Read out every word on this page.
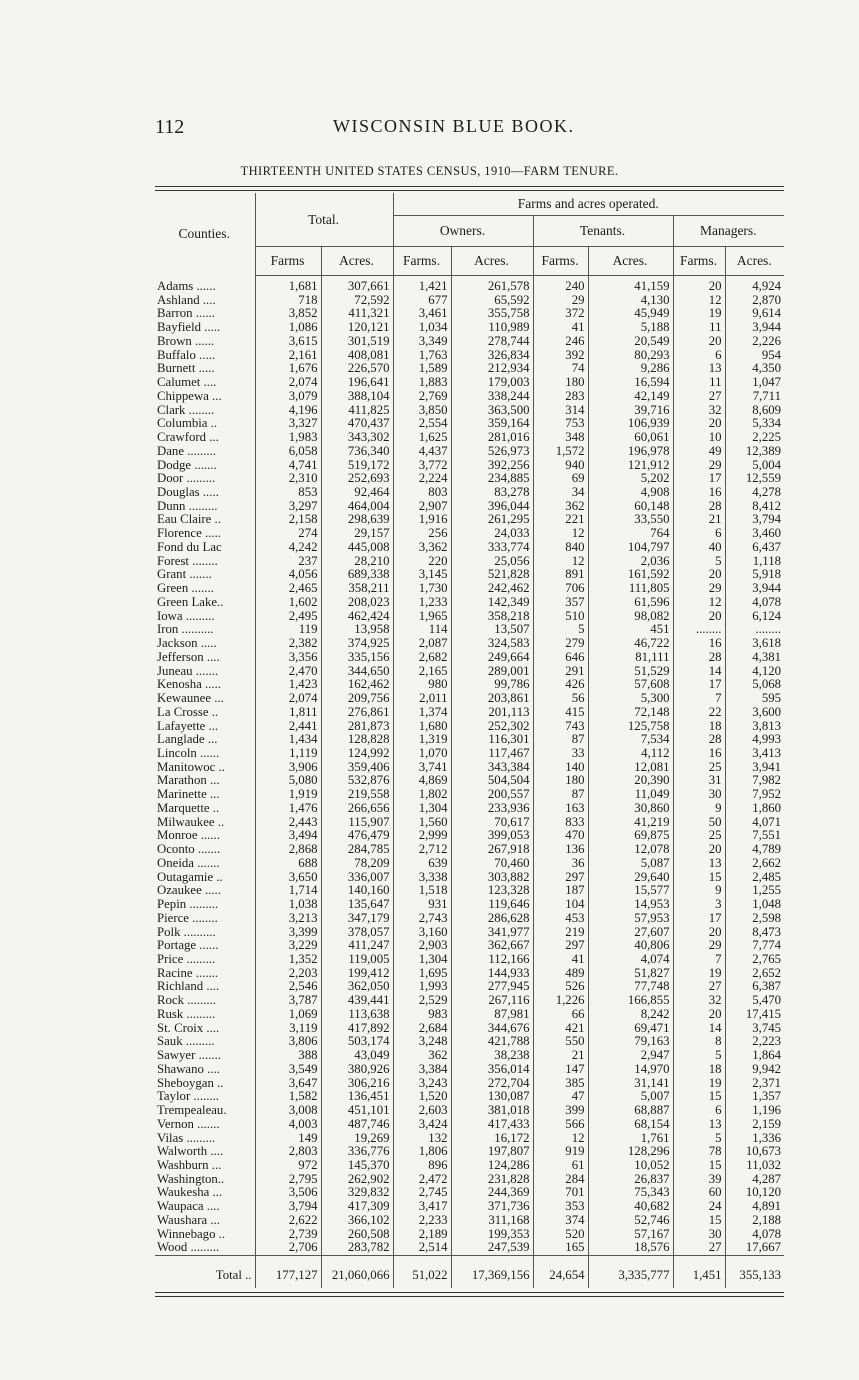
112	WISCONSIN BLUE BOOK.
THIRTEENTH UNITED STATES CENSUS, 1910—FARM TENURE.
Counties.	Total.		Farms and acres operated.					
			Owners.		Tenants.		Managers.	
	Farms	Acres.	Farms.	Acres.	Farms.	Acres.	Farms.	Acres.
Adams ......	1,681	307,661	1,421	261,578	240	41,159	20	4,924
Ashland ....	718	72,592	677	65,592	29	4,130	12	2,870
Barron ......	3,852	411,321	3,461	355,758	372	45,949	19	9,614
Bayfield .....	1,086	120,121	1,034	110,989	41	5,188	11	3,944
Brown ......	3,615	301,519	3,349	278,744	246	20,549	20	2,226
Buffalo .....	2,161	408,081	1,763	326,834	392	80,293	6	954
Burnett .....	1,676	226,570	1,589	212,934	74	9,286	13	4,350
Calumet ....	2,074	196,641	1,883	179,003	180	16,594	11	1,047
Chippewa ...	3,079	388,104	2,769	338,244	283	42,149	27	7,711
Clark ........	4,196	411,825	3,850	363,500	314	39,716	32	8,609
Columbia ..	3,327	470,437	2,554	359,164	753	106,939	20	5,334
Crawford ...	1,983	343,302	1,625	281,016	348	60,061	10	2,225
Dane .........	6,058	736,340	4,437	526,973	1,572	196,978	49	12,389
Dodge .......	4,741	519,172	3,772	392,256	940	121,912	29	5,004
Door .........	2,310	252,693	2,224	234,885	69	5,202	17	12,559
Douglas .....	853	92,464	803	83,278	34	4,908	16	4,278
Dunn .........	3,297	464,004	2,907	396,044	362	60,148	28	8,412
Eau Claire ..	2,158	298,639	1,916	261,295	221	33,550	21	3,794
Florence .....	274	29,157	256	24,033	12	764	6	3,460
Fond du Lac	4,242	445,008	3,362	333,774	840	104,797	40	6,437
Forest ........	237	28,210	220	25,056	12	2,036	5	1,118
Grant .......	4,056	689,338	3,145	521,828	891	161,592	20	5,918
Green .......	2,465	358,211	1,730	242,462	706	111,805	29	3,944
Green Lake..	1,602	208,023	1,233	142,349	357	61,596	12	4,078
Iowa .........	2,495	462,424	1,965	358,218	510	98,082	20	6,124
Iron ..........	119	13,958	114	13,507	5	451	........	........
Jackson .....	2,382	374,925	2,087	324,583	279	46,722	16	3,618
Jefferson ....	3,356	335,156	2,682	249,664	646	81,111	28	4,381
Juneau .......	2,470	344,650	2,165	289,001	291	51,529	14	4,120
Kenosha .....	1,423	162,462	980	99,786	426	57,608	17	5,068
Kewaunee ...	2,074	209,756	2,011	203,861	56	5,300	7	595
La Crosse ..	1,811	276,861	1,374	201,113	415	72,148	22	3,600
Lafayette ...	2,441	281,873	1,680	252,302	743	125,758	18	3,813
Langlade ...	1,434	128,828	1,319	116,301	87	7,534	28	4,993
Lincoln ......	1,119	124,992	1,070	117,467	33	4,112	16	3,413
Manitowoc ..	3,906	359,406	3,741	343,384	140	12,081	25	3,941
Marathon ...	5,080	532,876	4,869	504,504	180	20,390	31	7,982
Marinette ...	1,919	219,558	1,802	200,557	87	11,049	30	7,952
Marquette ..	1,476	266,656	1,304	233,936	163	30,860	9	1,860
Milwaukee ..	2,443	115,907	1,560	70,617	833	41,219	50	4,071
Monroe ......	3,494	476,479	2,999	399,053	470	69,875	25	7,551
Oconto .......	2,868	284,785	2,712	267,918	136	12,078	20	4,789
Oneida .......	688	78,209	639	70,460	36	5,087	13	2,662
Outagamie ..	3,650	336,007	3,338	303,882	297	29,640	15	2,485
Ozaukee .....	1,714	140,160	1,518	123,328	187	15,577	9	1,255
Pepin .........	1,038	135,647	931	119,646	104	14,953	3	1,048
Pierce ........	3,213	347,179	2,743	286,628	453	57,953	17	2,598
Polk ..........	3,399	378,057	3,160	341,977	219	27,607	20	8,473
Portage ......	3,229	411,247	2,903	362,667	297	40,806	29	7,774
Price .........	1,352	119,005	1,304	112,166	41	4,074	7	2,765
Racine .......	2,203	199,412	1,695	144,933	489	51,827	19	2,652
Richland ....	2,546	362,050	1,993	277,945	526	77,748	27	6,387
Rock .........	3,787	439,441	2,529	267,116	1,226	166,855	32	5,470
Rusk .........	1,069	113,638	983	87,981	66	8,242	20	17,415
St. Croix ....	3,119	417,892	2,684	344,676	421	69,471	14	3,745
Sauk .........	3,806	503,174	3,248	421,788	550	79,163	8	2,223
Sawyer .......	388	43,049	362	38,238	21	2,947	5	1,864
Shawano ....	3,549	380,926	3,384	356,014	147	14,970	18	9,942
Sheboygan ..	3,647	306,216	3,243	272,704	385	31,141	19	2,371
Taylor ........	1,582	136,451	1,520	130,087	47	5,007	15	1,357
Trempealeau.	3,008	451,101	2,603	381,018	399	68,887	6	1,196
Vernon .......	4,003	487,746	3,424	417,433	566	68,154	13	2,159
Vilas .........	149	19,269	132	16,172	12	1,761	5	1,336
Walworth ....	2,803	336,776	1,806	197,807	919	128,296	78	10,673
Washburn ...	972	145,370	896	124,286	61	10,052	15	11,032
Washington..	2,795	262,902	2,472	231,828	284	26,837	39	4,287
Waukesha ...	3,506	329,832	2,745	244,369	701	75,343	60	10,120
Waupaca ....	3,794	417,309	3,417	371,736	353	40,682	24	4,891
Waushara ...	2,622	366,102	2,233	311,168	374	52,746	15	2,188
Winnebago ..	2,739	260,508	2,189	199,353	520	57,167	30	4,078
Wood .........	2,706	283,782	2,514	247,539	165	18,576	27	17,667
Total ..	177,127	21,060,066	51,022	17,369,156	24,654	3,335,777	1,451	355,133
